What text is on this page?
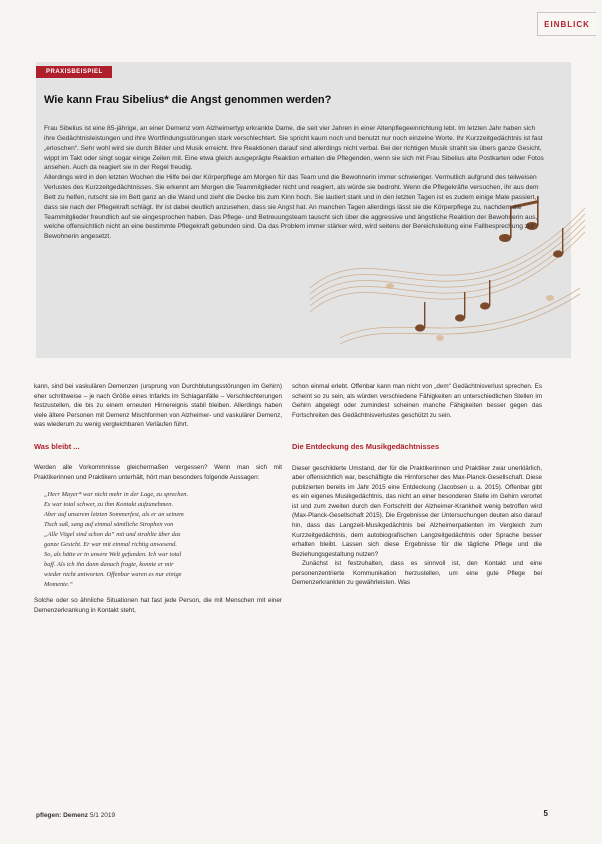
EINBLICK
PRAXISBEISPIEL
Wie kann Frau Sibelius* die Angst genommen werden?

Frau Sibelius ist eine 85-jährige, an einer Demenz vom Alzheimertyp erkrankte Dame, die seit vier Jahren in einer Altenpflegeeinrichtung lebt. Im letzten Jahr haben sich ihre Gedächtnisleistungen und ihre Wortfindungsstörungen stark verschlechtert. Sie spricht kaum noch und benutzt nur noch einzelne Worte. Ihr Kurzzeitgedächtnis ist fast „erloschen“. Sehr wohl wird sie durch Bilder und Musik erreicht. Ihre Reaktionen darauf sind allerdings nicht verbal. Bei der richtigen Musik strahlt sie übers ganze Gesicht, wippt im Takt oder singt sogar einige Zeilen mit. Eine etwa gleich ausgeprägte Reaktion erhalten die Pflegenden, wenn sie sich mit Frau Sibelius alte Postkarten oder Fotos ansehen. Auch da reagiert sie in der Regel freudig.

Allerdings wird in den letzten Wochen die Hilfe bei der Körperpflege am Morgen für das Team und die Bewohnerin immer schwieriger. Vermutlich aufgrund des teilweisen Verlustes des Kurzzeitgedächtnisses. Sie erkennt am Morgen die Teammitglieder nicht und reagiert, als würde sie bedroht. Wenn die Pflegekräfte versuchen, ihr aus dem Bett zu helfen, rutscht sie im Bett ganz an die Wand und zieht die Decke bis zum Kinn hoch. Sie lautiert stark und in den letzten Tagen ist es zudem einige Male passiert, dass sie nach der Pflegekraft schlägt. Ihr ist dabei deutlich anzusehen, dass sie Angst hat. An manchen Tagen allerdings lässt sie die Körperpflege zu, nachdem die Teammitglieder freundlich auf sie eingesprochen haben. Das Pflege- und Betreuungsteam tauscht sich über die aggressive und ängstliche Reaktion der Bewohnerin aus, welche offensichtlich nicht an eine bestimmte Pflegekraft gebunden sind. Da das Problem immer stärker wird, wird seitens der Bereichsleitung eine Fallbesprechung zur Bewohnerin angesetzt.

kann, sind bei vaskulären Demenzen (ursprung von Durchblutungsstörungen im Gehirn) eher schrittweise – je nach Größe eines Infarkts im Schlaganfälle – Verschlechterungen festzustellen, die bis zu einem erneuten Hirnereignis stabil bleiben. Allerdings haben viele ältere Personen mit Demenz Mischformen von Alzheimer- und vaskulärer Demenz, was wiederum zu wenig vergleichbaren Verläufen führt.

Was bleibt ...

Werden alle Vorkommnisse gleichermaßen vergessen? Wenn man sich mit Praktikerinnen und Praktikern unterhält, hört man besonders folgende Aussagen:

„Herr Mayer* war nicht mehr in der Lage, zu sprechen.

Es war total schwer, zu ihm Kontakt aufzunehmen.

Aber auf unserem letzten Sommerfest, als er an seinem

Tisch saß, sang auf einmal sämtliche Strophen von

„Alle Vögel sind schon da“ mit und strahlte über das

ganze Gesicht. Er war mit einmal richtig anwesend.

So, als hätte er in unsere Welt gefunden. Ich war total

baff. Als ich ihn dann danach fragte, konnte er mir

wieder nicht antworten. Offenbar waren es nur einige

Momente.“

Solche oder so ähnliche Situationen hat fast jede Person, die mit Menschen mit einer Demenzerkrankung in Kontakt steht,

schon einmal erlebt. Offenbar kann man nicht von „dem“ Gedächtnisverlust sprechen. Es scheint so zu sein, als würden verschiedene Fähigkeiten an unterschiedlichen Stellen im Gehirn abgelegt oder zumindest scheinen manche Fähigkeiten besser gegen das Fortschreiten des Gedächtnisverlustes geschützt zu sein.

Die Entdeckung des Musikgedächtnisses

Dieser geschilderte Umstand, der für die Praktikerinnen und Praktiker zwar unerklärlich, aber offensichtlich war, beschäftigte die Hirnforscher des Max-Planck-Gesellschaft. Diese publizierten bereits im Jahr 2015 eine Entdeckung (Jacobsen u. a. 2015). Offenbar gibt es ein eigenes Musikgedächtnis, das nicht an einer besonderen Stelle im Gehirn verortet ist und zum zweiten durch den Fortschritt der Alzheimer-Krankheit wenig betroffen wird (Max-Planck-Gesellschaft 2015). Die Ergebnisse der Untersuchungen deuten also darauf hin, dass das Langzeit-Musikgedächtnis bei Alzheimerpatienten im Vergleich zum Kurzzeitgedächtnis, dem autobiografischen Langzeitgedächtnis oder Sprache besser erhalten bleibt. Lassen sich diese Ergebnisse für die tägliche Pflege und die Beziehungsgestaltung nutzen?

Zunächst ist festzuhalten, dass es sinnvoll ist, den Kontakt und eine personenzentrierte Kommunikation herzustellen, um eine gute Pflege bei Demenzerkrankten zu gewährleisten. Was

pflegen: Demenz 5/1 2019	5
